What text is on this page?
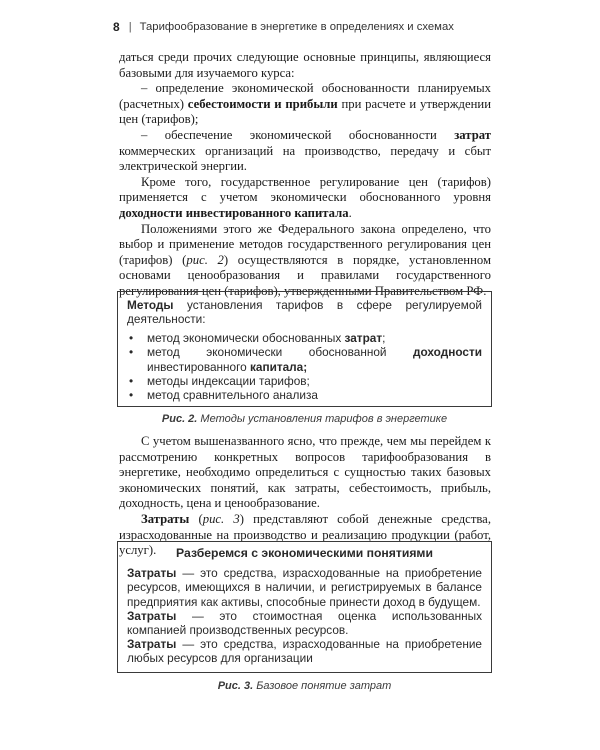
8 | Тарифообразование в энергетике в определениях и схемах

даться среди прочих следующие основные принципы, являющиеся базовыми для изучаемого курса:

– определение экономической обоснованности планируемых (расчетных) себестоимости и прибыли при расчете и утверждении цен (тарифов);

– обеспечение экономической обоснованности затрат коммерческих организаций на производство, передачу и сбыт электрической энергии.

Кроме того, государственное регулирование цен (тарифов) применяется с учетом экономически обоснованного уровня доходности инвестированного капитала.

Положениями этого же Федерального закона определено, что выбор и применение методов государственного регулирования цен (тарифов) (рис. 2) осуществляются в порядке, установленном основами ценообразования и правилами государственного регулирования цен (тарифов), утвержденными Правительством РФ.

Методы установления тарифов в сфере регулируемой деятельности:

• метод экономически обоснованных затрат;
• метод экономически обоснованной доходности инвестированного капитала;
• методы индексации тарифов;
• метод сравнительного анализа
Рис. 2. Методы установления тарифов в энергетике

С учетом вышеназванного ясно, что прежде, чем мы перейдем к рассмотрению конкретных вопросов тарифообразования в энергетике, необходимо определиться с сущностью таких базовых экономических понятий, как затраты, себестоимость, прибыль, доходность, цена и ценообразование.

Затраты (рис. 3) представляют собой денежные средства, израсходованные на производство и реализацию продукции (работ, услуг).	Разберемся с экономическими понятиями

Затраты — это средства, израсходованные на приобретение ресурсов, имеющихся в наличии, и регистрируемых в балансе предприятия как активы, способные принести доход в будущем.

Затраты — это стоимостная оценка использованных компанией производственных ресурсов.

Затраты — это средства, израсходованные на приобретение любых ресурсов для организации

Рис. 3. Базовое понятие затрат
